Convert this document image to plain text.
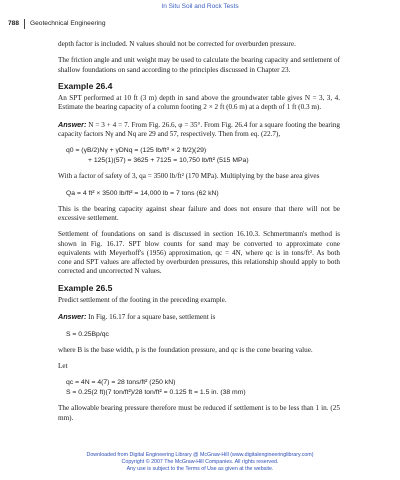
In Situ Soil and Rock Tests
788 Geotechnical Engineering

depth factor is included. N values should not be corrected for overburden pressure.

The friction angle and unit weight may be used to calculate the bearing capacity and settlement of shallow foundations on sand according to the principles discussed in Chapter 23.

Example 26.4

An SPT performed at 10 ft (3 m) depth in sand above the groundwater table gives N = 3, 3, 4. Estimate the bearing capacity of a column footing 2 × 2 ft (0.6 m) at a depth of 1 ft (0.3 m).

Answer: N = 3 + 4 = 7. From Fig. 26.6, φ = 35°. From Fig. 26.4 for a square footing the bearing capacity factors Nγ and Nq are 29 and 57, respectively. Then from eq. (22.7),

q0 = (γB/2)Nγ + γDNq = (125 lb/ft³ × 2 ft/2)(29)
+ 125(1)(57) = 3625 + 7125 = 10,750 lb/ft² (515 MPa)

With a factor of safety of 3, qa = 3500 lb/ft² (170 MPa). Multiplying by the base area gives

Qa = 4 ft² × 3500 lb/ft² = 14,000 lb = 7 tons (62 kN)

This is the bearing capacity against shear failure and does not ensure that there will not be excessive settlement.

Settlement of foundations on sand is discussed in section 16.10.3. Schmertmann's method is shown in Fig. 16.17. SPT blow counts for sand may be converted to approximate cone equivalents with Meyerhoff's (1956) approximation, qc = 4N, where qc is in tons/ft². As both cone and SPT values are affected by overburden pressures, this relationship should apply to both corrected and uncorrected N values.

Example 26.5

Predict settlement of the footing in the preceding example.

Answer: In Fig. 16.17 for a square base, settlement is

S = 0.25Bp/qc

where B is the base width, p is the foundation pressure, and qc is the cone bearing value.

Let

qc = 4N = 4(7) = 28 tons/ft² (250 kN)
S = 0.25(2 ft)(7 ton/ft²)/28 ton/ft² = 0.125 ft = 1.5 in. (38 mm)

The allowable bearing pressure therefore must be reduced if settlement is to be less than 1 in. (25 mm).

Downloaded from Digital Engineering Library @ McGraw-Hill (www.digitalengineeringlibrary.com)
Copyright © 2007 The McGraw-Hill Companies. All rights reserved.
Any use is subject to the Terms of Use as given at the website.
